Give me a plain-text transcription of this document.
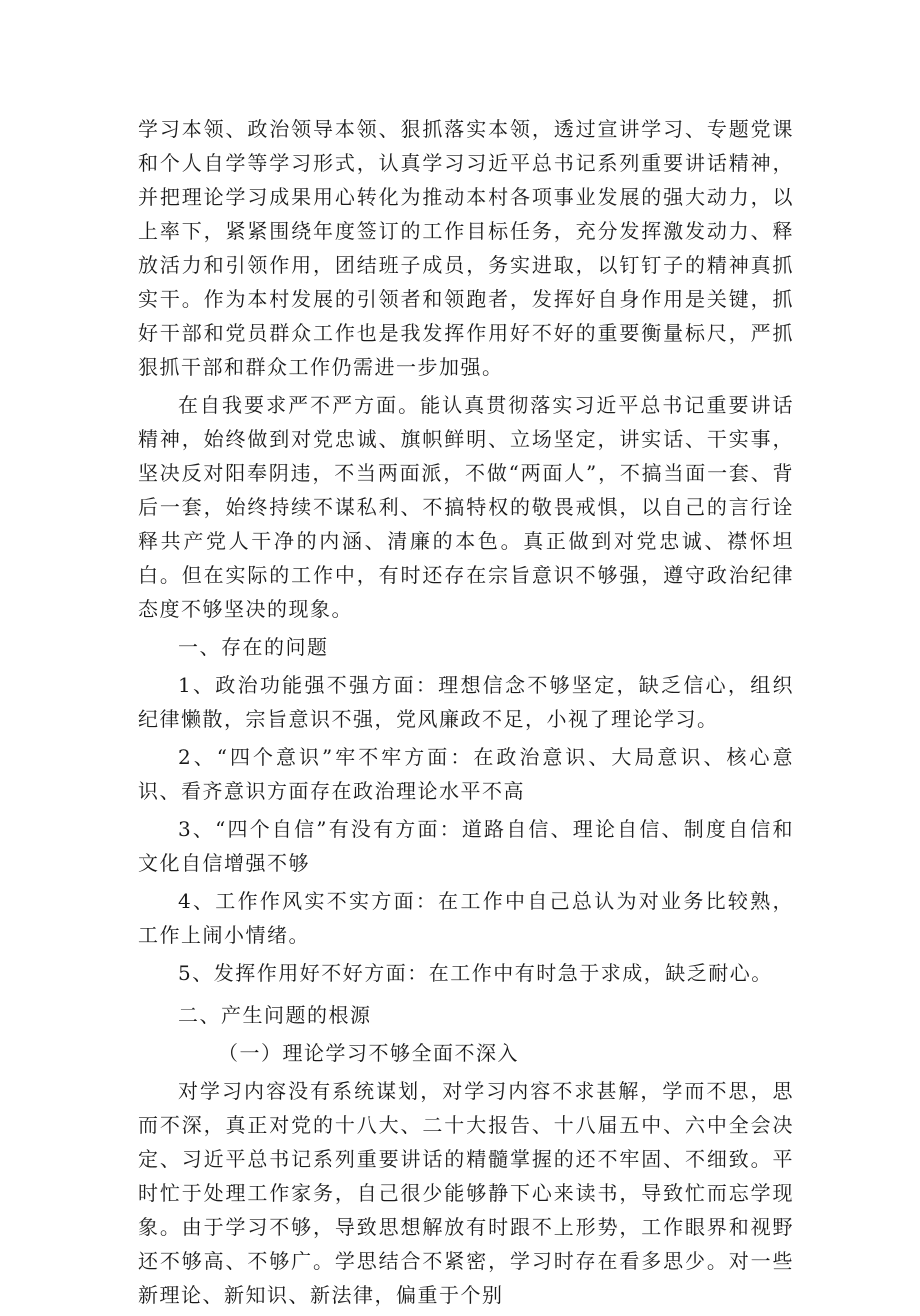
学习本领、政治领导本领、狠抓落实本领，透过宣讲学习、专题党课和个人自学等学习形式，认真学习习近平总书记系列重要讲话精神，并把理论学习成果用心转化为推动本村各项事业发展的强大动力，以上率下，紧紧围绕年度签订的工作目标任务，充分发挥激发动力、释放活力和引领作用，团结班子成员，务实进取，以钉钉子的精神真抓实干。作为本村发展的引领者和领跑者，发挥好自身作用是关键，抓好干部和党员群众工作也是我发挥作用好不好的重要衡量标尺，严抓狠抓干部和群众工作仍需进一步加强。

在自我要求严不严方面。能认真贯彻落实习近平总书记重要讲话精神，始终做到对党忠诚、旗帜鲜明、立场坚定，讲实话、干实事，坚决反对阳奉阴违，不当两面派，不做“两面人”，不搞当面一套、背后一套，始终持续不谋私利、不搞特权的敬畏戒惧，以自己的言行诠释共产党人干净的内涵、清廉的本色。真正做到对党忠诚、襟怀坦白。但在实际的工作中，有时还存在宗旨意识不够强，遵守政治纪律态度不够坚决的现象。

一、存在的问题

1、政治功能强不强方面：理想信念不够坚定，缺乏信心，组织纪律懒散，宗旨意识不强，党风廉政不足，小视了理论学习。

2、“四个意识”牢不牢方面：在政治意识、大局意识、核心意识、看齐意识方面存在政治理论水平不高

3、“四个自信”有没有方面：道路自信、理论自信、制度自信和文化自信增强不够

4、工作作风实不实方面：在工作中自己总认为对业务比较熟，工作上闹小情绪。

5、发挥作用好不好方面：在工作中有时急于求成，缺乏耐心。

二、产生问题的根源

（一）理论学习不够全面不深入

对学习内容没有系统谋划，对学习内容不求甚解，学而不思，思而不深，真正对党的十八大、二十大报告、十八届五中、六中全会决定、习近平总书记系列重要讲话的精髓掌握的还不牢固、不细致。平时忙于处理工作家务，自己很少能够静下心来读书，导致忙而忘学现象。由于学习不够，导致思想解放有时跟不上形势，工作眼界和视野还不够高、不够广。学思结合不紧密，学习时存在看多思少。对一些新理论、新知识、新法律，偏重于个别
